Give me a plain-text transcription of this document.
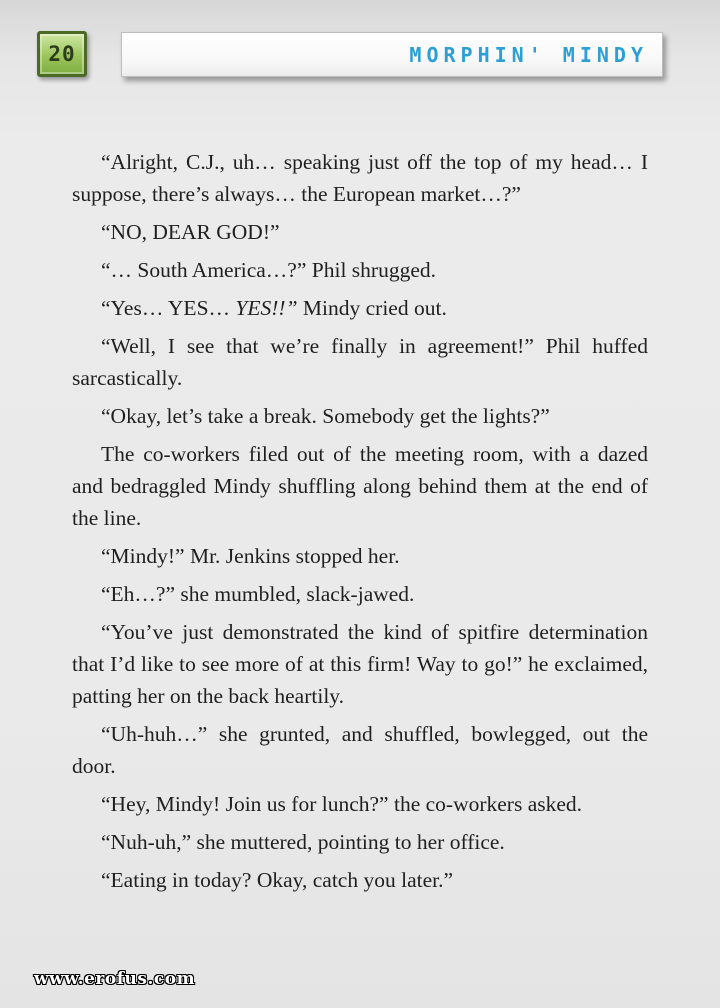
20	MORPHIN' MINDY

“Alright, C.J., uh… speaking just off the top of my head… I suppose, there’s always… the European market…?”

“NO, DEAR GOD!”

“… South America…?” Phil shrugged.

“Yes… YES… YES!!” Mindy cried out.

“Well, I see that we’re finally in agreement!” Phil huffed sarcastically.

“Okay, let’s take a break. Somebody get the lights?”

The co-workers filed out of the meeting room, with a dazed and bedraggled Mindy shuffling along behind them at the end of the line.

“Mindy!” Mr. Jenkins stopped her.

“Eh…?” she mumbled, slack-jawed.

“You’ve just demonstrated the kind of spitfire determination that I’d like to see more of at this firm! Way to go!” he exclaimed, patting her on the back heartily.

“Uh-huh…” she grunted, and shuffled, bowlegged, out the door.

“Hey, Mindy! Join us for lunch?” the co-workers asked.

“Nuh-uh,” she muttered, pointing to her office.

“Eating in today? Okay, catch you later.”

www.erofus.com
